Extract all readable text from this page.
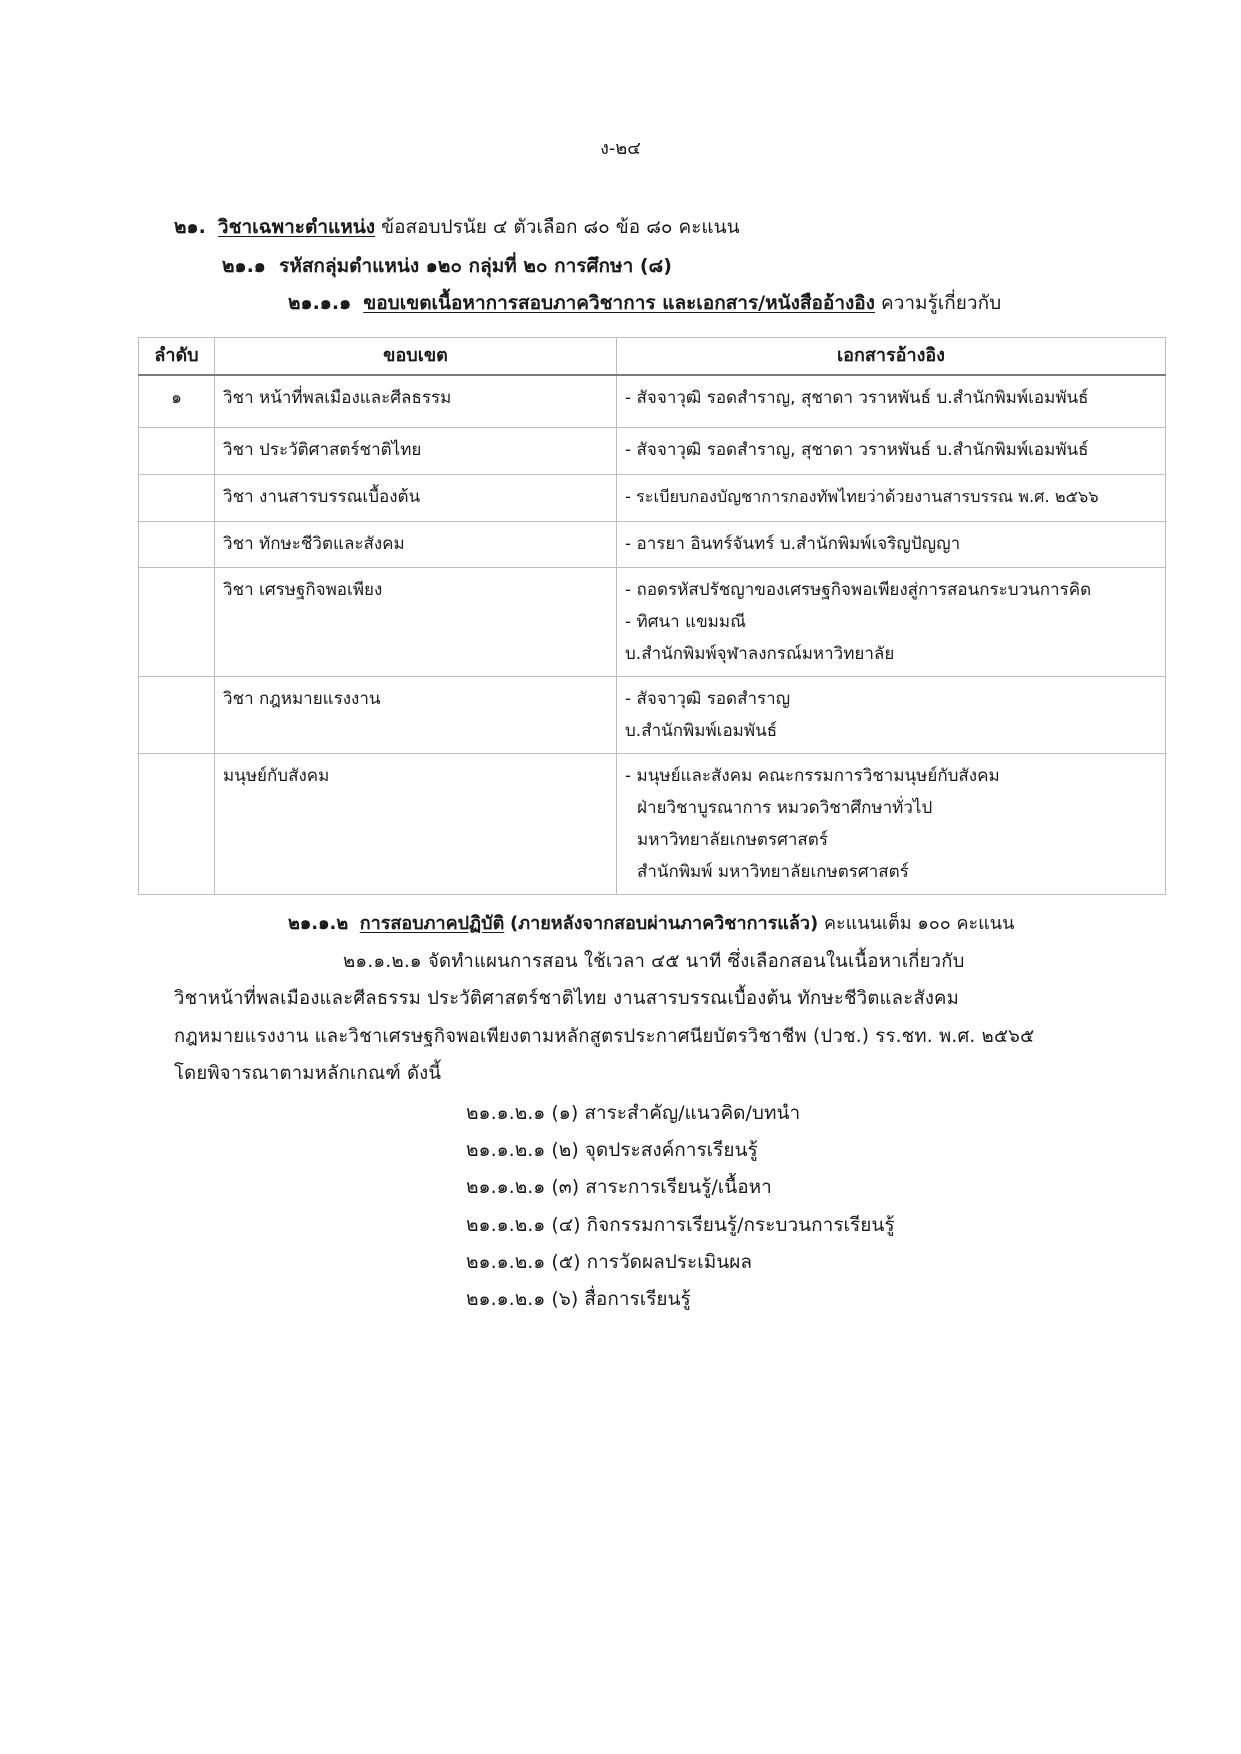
ง-๒๔
๒๑. วิชาเฉพาะตำแหน่ง ข้อสอบปรนัย ๔ ตัวเลือก ๘๐ ข้อ ๘๐ คะแนน
๒๑.๑ รหัสกลุ่มตำแหน่ง ๑๒๐ กลุ่มที่ ๒๐ การศึกษา (๘)
๒๑.๑.๑ ขอบเขตเนื้อหาการสอบภาควิชาการ และเอกสาร/หนังสืออ้างอิง ความรู้เกี่ยวกับ
ลำดับ	ขอบเขต	เอกสารอ้างอิง
๑	วิชา หน้าที่พลเมืองและศีลธรรม	- สัจจาวุฒิ รอดสำราญ, สุชาดา วราหพันธ์ บ.สำนักพิมพ์เอมพันธ์

	วิชา ประวัติศาสตร์ชาติไทย	- สัจจาวุฒิ รอดสำราญ, สุชาดา วราหพันธ์ บ.สำนักพิมพ์เอมพันธ์

	วิชา งานสารบรรณเบื้องต้น	- ระเบียบกองบัญชาการกองทัพไทยว่าด้วยงานสารบรรณ พ.ศ. ๒๕๖๖

	วิชา ทักษะชีวิตและสังคม	- อารยา อินทร์จันทร์ บ.สำนักพิมพ์เจริญปัญญา

	วิชา เศรษฐกิจพอเพียง	- ถอดรหัสปรัชญาของเศรษฐกิจพอเพียงสู่การสอนกระบวนการคิด
- ทิศนา แขมมณี
บ.สำนักพิมพ์จุฬาลงกรณ์มหาวิทยาลัย

	วิชา กฎหมายแรงงาน	- สัจจาวุฒิ รอดสำราญ
บ.สำนักพิมพ์เอมพันธ์

	มนุษย์กับสังคม	- มนุษย์และสังคม คณะกรรมการวิชามนุษย์กับสังคม
ฝ่ายวิชาบูรณาการ หมวดวิชาศึกษาทั่วไป
มหาวิทยาลัยเกษตรศาสตร์
สำนักพิมพ์ มหาวิทยาลัยเกษตรศาสตร์
๒๑.๑.๒ การสอบภาคปฏิบัติ (ภายหลังจากสอบผ่านภาควิชาการแล้ว) คะแนนเต็ม ๑๐๐ คะแนน
๒๑.๑.๒.๑ จัดทำแผนการสอน ใช้เวลา ๔๕ นาที ซึ่งเลือกสอนในเนื้อหาเกี่ยวกับ
วิชาหน้าที่พลเมืองและศีลธรรม ประวัติศาสตร์ชาติไทย งานสารบรรณเบื้องต้น ทักษะชีวิตและสังคม
กฎหมายแรงงาน และวิชาเศรษฐกิจพอเพียงตามหลักสูตรประกาศนียบัตรวิชาชีพ (ปวช.) รร.ชท. พ.ศ. ๒๕๖๕
โดยพิจารณาตามหลักเกณฑ์ ดังนี้
๒๑.๑.๒.๑ (๑) สาระสำคัญ/แนวคิด/บทนำ
๒๑.๑.๒.๑ (๒) จุดประสงค์การเรียนรู้
๒๑.๑.๒.๑ (๓) สาระการเรียนรู้/เนื้อหา
๒๑.๑.๒.๑ (๔) กิจกรรมการเรียนรู้/กระบวนการเรียนรู้
๒๑.๑.๒.๑ (๕) การวัดผลประเมินผล
๒๑.๑.๒.๑ (๖) สื่อการเรียนรู้
